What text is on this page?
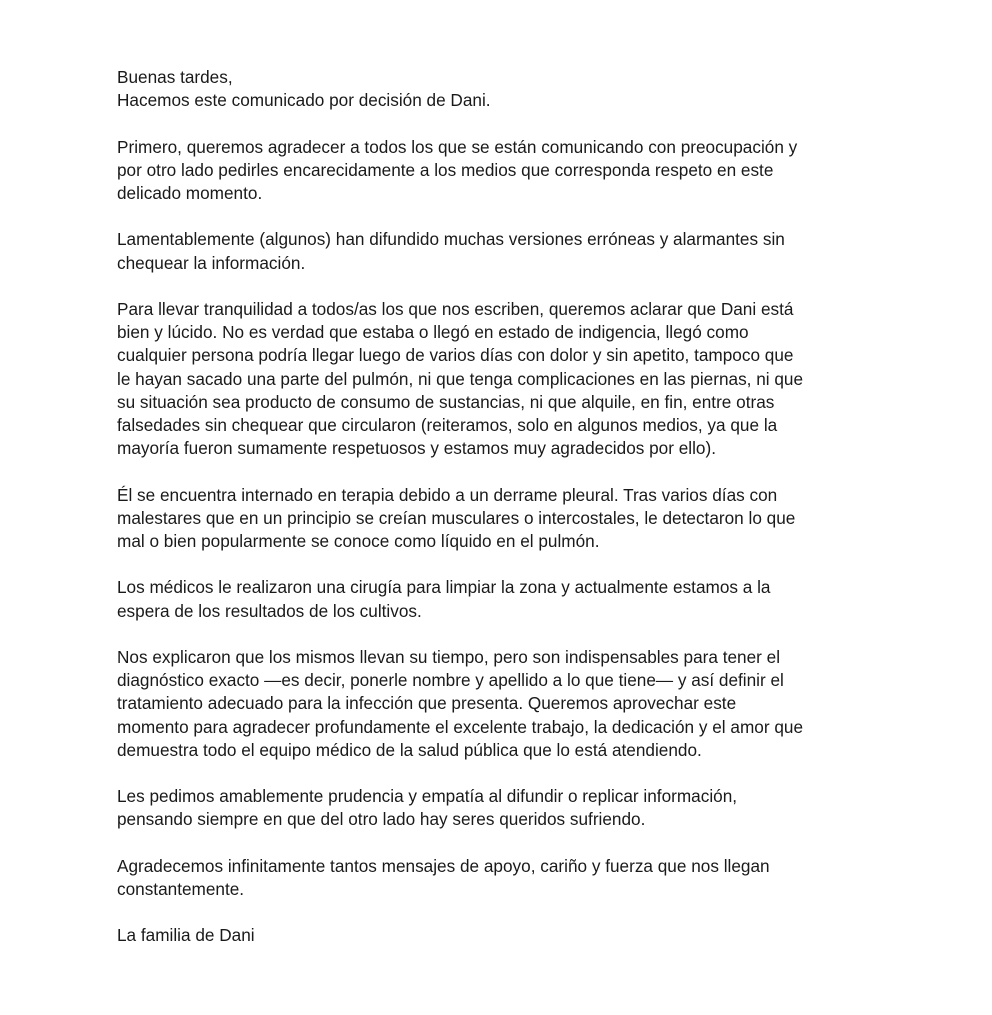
Buenas tardes,
Hacemos este comunicado por decisión de Dani.

Primero, queremos agradecer a todos los que se están comunicando con preocupación y
por otro lado pedirles encarecidamente a los medios que corresponda respeto en este
delicado momento.

Lamentablemente (algunos) han difundido muchas versiones erróneas y alarmantes sin
chequear la información.

Para llevar tranquilidad a todos/as los que nos escriben, queremos aclarar que Dani está
bien y lúcido. No es verdad que estaba o llegó en estado de indigencia, llegó como
cualquier persona podría llegar luego de varios días con dolor y sin apetito, tampoco que
le hayan sacado una parte del pulmón, ni que tenga complicaciones en las piernas, ni que
su situación sea producto de consumo de sustancias, ni que alquile, en fin, entre otras
falsedades sin chequear que circularon (reiteramos, solo en algunos medios, ya que la
mayoría fueron sumamente respetuosos y estamos muy agradecidos por ello).

Él se encuentra internado en terapia debido a un derrame pleural. Tras varios días con
malestares que en un principio se creían musculares o intercostales, le detectaron lo que
mal o bien popularmente se conoce como líquido en el pulmón.

Los médicos le realizaron una cirugía para limpiar la zona y actualmente estamos a la
espera de los resultados de los cultivos.

Nos explicaron que los mismos llevan su tiempo, pero son indispensables para tener el
diagnóstico exacto —es decir, ponerle nombre y apellido a lo que tiene— y así definir el
tratamiento adecuado para la infección que presenta. Queremos aprovechar este
momento para agradecer profundamente el excelente trabajo, la dedicación y el amor que
demuestra todo el equipo médico de la salud pública que lo está atendiendo.

Les pedimos amablemente prudencia y empatía al difundir o replicar información,
pensando siempre en que del otro lado hay seres queridos sufriendo.

Agradecemos infinitamente tantos mensajes de apoyo, cariño y fuerza que nos llegan
constantemente.

La familia de Dani
